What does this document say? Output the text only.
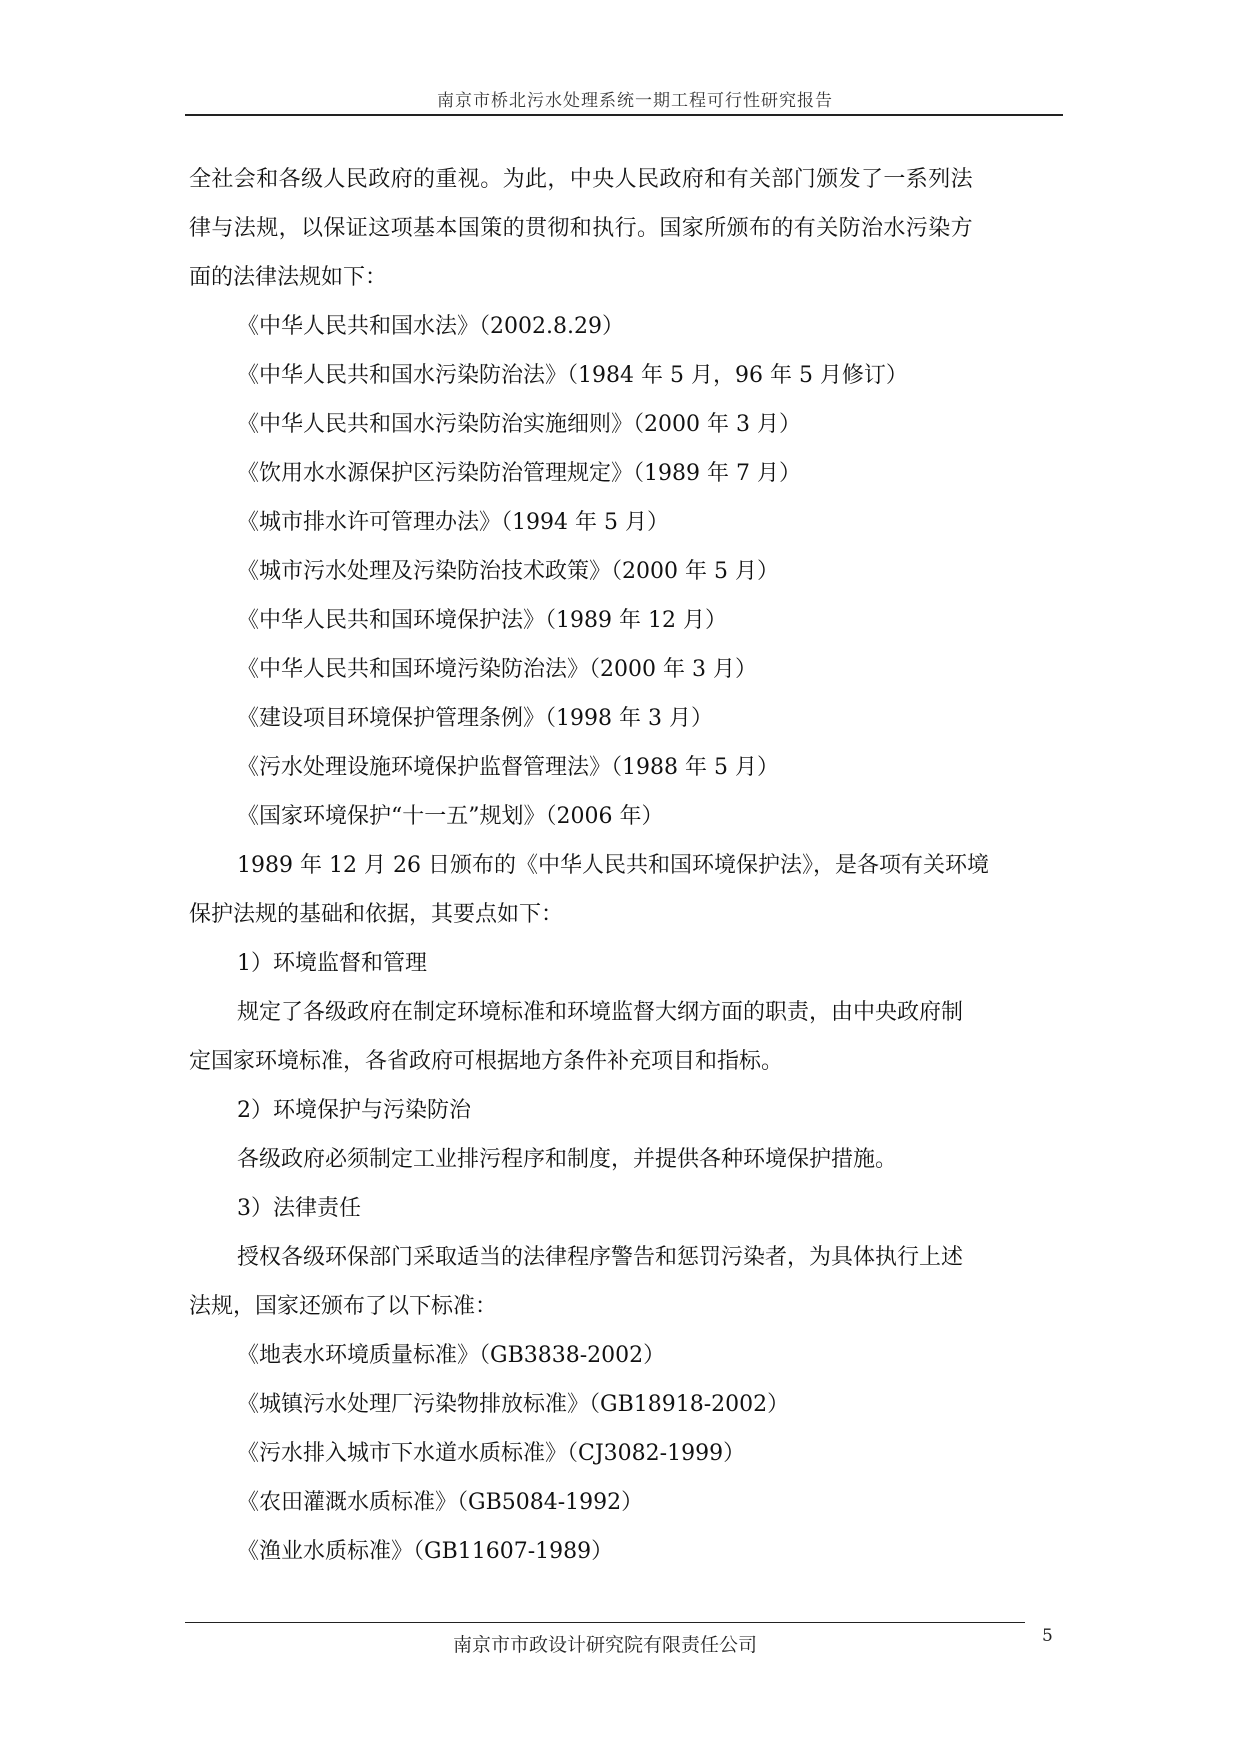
南京市桥北污水处理系统一期工程可行性研究报告

全社会和各级人民政府的重视。为此，中央人民政府和有关部门颁发了一系列法

律与法规，以保证这项基本国策的贯彻和执行。国家所颁布的有关防治水污染方

面的法律法规如下：

《中华人民共和国水法》（2002.8.29）

《中华人民共和国水污染防治法》（1984 年 5 月，96 年 5 月修订）

《中华人民共和国水污染防治实施细则》（2000 年 3 月）

《饮用水水源保护区污染防治管理规定》（1989 年 7 月）

《城市排水许可管理办法》（1994 年 5 月）

《城市污水处理及污染防治技术政策》（2000 年 5 月）

《中华人民共和国环境保护法》（1989 年 12 月）

《中华人民共和国环境污染防治法》（2000 年 3 月）

《建设项目环境保护管理条例》（1998 年 3 月）

《污水处理设施环境保护监督管理法》（1988 年 5 月）

《国家环境保护“十一五”规划》（2006 年）

1989 年 12 月 26 日颁布的《中华人民共和国环境保护法》，是各项有关环境

保护法规的基础和依据，其要点如下：

1）环境监督和管理

规定了各级政府在制定环境标准和环境监督大纲方面的职责，由中央政府制

定国家环境标准，各省政府可根据地方条件补充项目和指标。

2）环境保护与污染防治

各级政府必须制定工业排污程序和制度，并提供各种环境保护措施。

3）法律责任

授权各级环保部门采取适当的法律程序警告和惩罚污染者，为具体执行上述

法规，国家还颁布了以下标准：

《地表水环境质量标准》（GB3838-2002）

《城镇污水处理厂污染物排放标准》（GB18918-2002）

《污水排入城市下水道水质标准》（CJ3082-1999）

《农田灌溉水质标准》（GB5084-1992）

《渔业水质标准》（GB11607-1989）

南京市市政设计研究院有限责任公司	5
